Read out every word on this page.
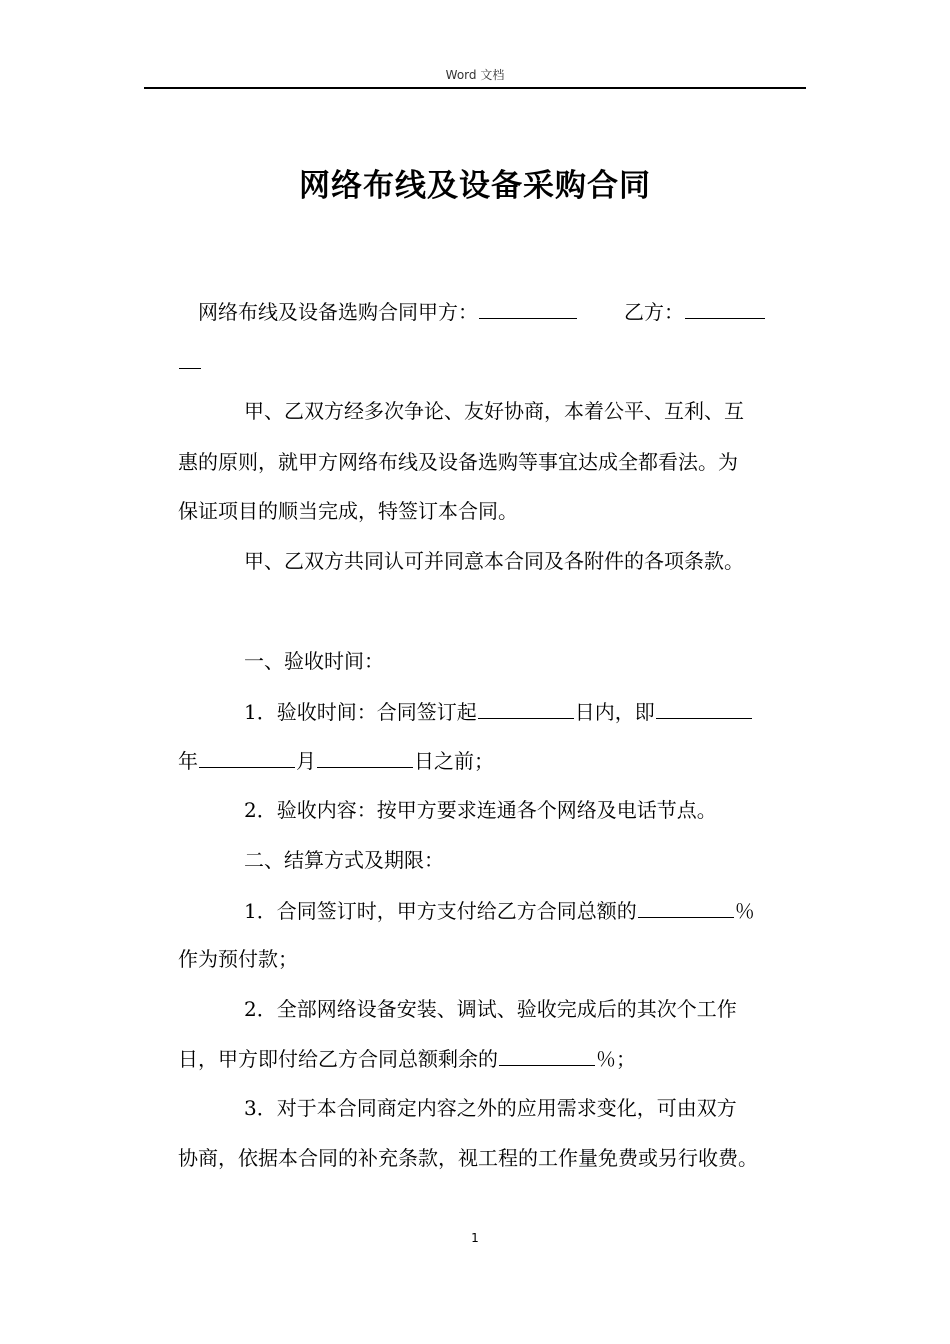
Word 文档
网络布线及设备采购合同
网络布线及设备选购合同甲方：	乙方：
甲、乙双方经多次争论、友好协商，本着公平、互利、互
惠的原则，就甲方网络布线及设备选购等事宜达成全都看法。为
保证项目的顺当完成，特签订本合同。
甲、乙双方共同认可并同意本合同及各附件的各项条款。
一、验收时间：
1．验收时间：合同签订起	日内，即
年	月	日之前；
2．验收内容：按甲方要求连通各个网络及电话节点。
二、结算方式及期限：
1．合同签订时，甲方支付给乙方合同总额的	％
作为预付款；
2．全部网络设备安装、调试、验收完成后的其次个工作
日，甲方即付给乙方合同总额剩余的	％；
3．对于本合同商定内容之外的应用需求变化，可由双方
协商，依据本合同的补充条款，视工程的工作量免费或另行收费。
1
